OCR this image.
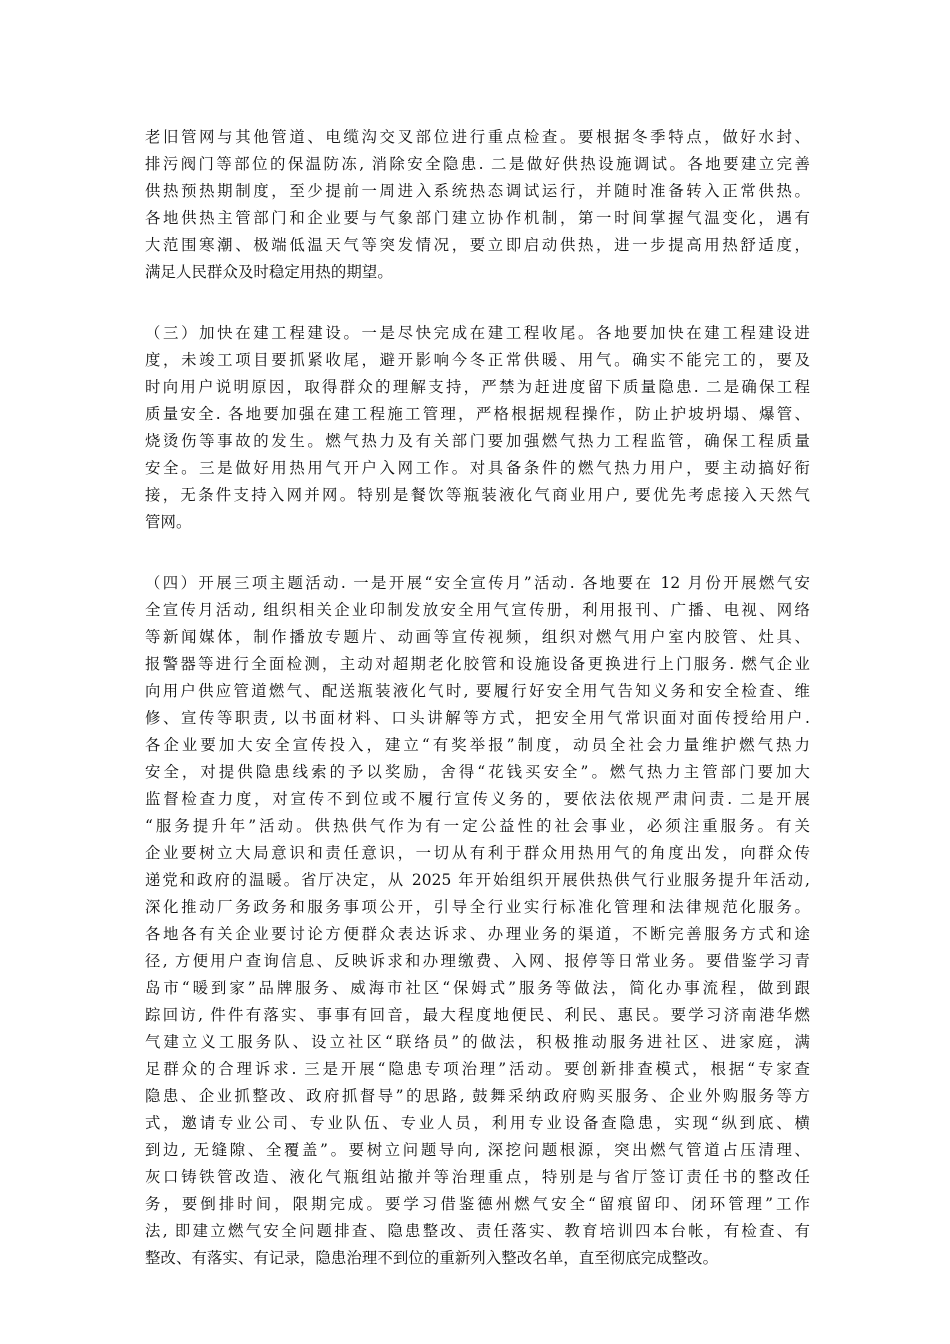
老旧管网与其他管道、电缆沟交叉部位进行重点检查。要根据冬季特点，做好水封、
排污阀门等部位的保温防冻, 消除安全隐患. 二是做好供热设施调试。各地要建立完善
供热预热期制度，至少提前一周进入系统热态调试运行，并随时准备转入正常供热。
各地供热主管部门和企业要与气象部门建立协作机制，第一时间掌握气温变化，遇有
大范围寒潮、极端低温天气等突发情况，要立即启动供热，进一步提高用热舒适度，
满足人民群众及时稳定用热的期望。
（三）加快在建工程建设。一是尽快完成在建工程收尾。各地要加快在建工程建设进
度，未竣工项目要抓紧收尾，避开影响今冬正常供暖、用气。确实不能完工的，要及
时向用户说明原因，取得群众的理解支持，严禁为赶进度留下质量隐患. 二是确保工程
质量安全. 各地要加强在建工程施工管理，严格根据规程操作，防止护坡坍塌、爆管、
烧烫伤等事故的发生。燃气热力及有关部门要加强燃气热力工程监管，确保工程质量
安全。三是做好用热用气开户入网工作。对具备条件的燃气热力用户，要主动搞好衔
接，无条件支持入网并网。特别是餐饮等瓶装液化气商业用户, 要优先考虑接入天然气
管网。
（四）开展三项主题活动. 一是开展“安全宣传月”活动. 各地要在 12 月份开展燃气安
全宣传月活动, 组织相关企业印制发放安全用气宣传册，利用报刊、广播、电视、网络
等新闻媒体，制作播放专题片、动画等宣传视频，组织对燃气用户室内胶管、灶具、
报警器等进行全面检测，主动对超期老化胶管和设施设备更换进行上门服务. 燃气企业
向用户供应管道燃气、配送瓶装液化气时, 要履行好安全用气告知义务和安全检查、维
修、宣传等职责, 以书面材料、口头讲解等方式，把安全用气常识面对面传授给用户.
各企业要加大安全宣传投入，建立“有奖举报”制度，动员全社会力量维护燃气热力
安全，对提供隐患线索的予以奖励，舍得“花钱买安全”。燃气热力主管部门要加大
监督检查力度，对宣传不到位或不履行宣传义务的，要依法依规严肃问责. 二是开展
“服务提升年”活动。供热供气作为有一定公益性的社会事业，必须注重服务。有关
企业要树立大局意识和责任意识，一切从有利于群众用热用气的角度出发，向群众传
递党和政府的温暖。省厅决定，从 2025 年开始组织开展供热供气行业服务提升年活动,
深化推动厂务政务和服务事项公开，引导全行业实行标准化管理和法律规范化服务。
各地各有关企业要讨论方便群众表达诉求、办理业务的渠道，不断完善服务方式和途
径, 方便用户查询信息、反映诉求和办理缴费、入网、报停等日常业务。要借鉴学习青
岛市“暖到家”品牌服务、威海市社区“保姆式”服务等做法，简化办事流程，做到跟
踪回访, 件件有落实、事事有回音，最大程度地便民、利民、惠民。要学习济南港华燃
气建立义工服务队、设立社区“联络员”的做法，积极推动服务进社区、进家庭，满
足群众的合理诉求. 三是开展“隐患专项治理”活动。要创新排查模式，根据“专家查
隐患、企业抓整改、政府抓督导”的思路, 鼓舞采纳政府购买服务、企业外购服务等方
式，邀请专业公司、专业队伍、专业人员，利用专业设备查隐患，实现“纵到底、横
到边, 无缝隙、全覆盖”。要树立问题导向, 深挖问题根源，突出燃气管道占压清理、
灰口铸铁管改造、液化气瓶组站撤并等治理重点，特别是与省厅签订责任书的整改任
务，要倒排时间，限期完成。要学习借鉴德州燃气安全“留痕留印、闭环管理”工作
法, 即建立燃气安全问题排查、隐患整改、责任落实、教育培训四本台帐，有检查、有
整改、有落实、有记录，隐患治理不到位的重新列入整改名单，直至彻底完成整改。
